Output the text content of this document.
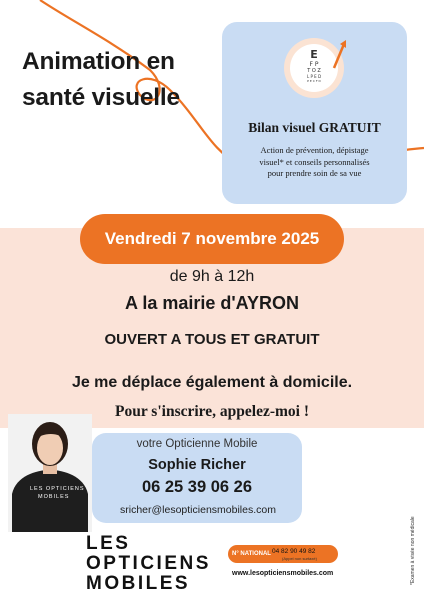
Animation en
santé visuelle
E
F P
T O Z
L P E D
P E C F D
Bilan visuel GRATUIT
Action de prévention, dépistage
visuel* et conseils personnalisés
pour prendre soin de sa vue
Vendredi 7 novembre 2025
de 9h à 12h
A la mairie d'AYRON
OUVERT A TOUS ET GRATUIT
Je me déplace également à domicile.
Pour s'inscrire, appelez-moi !
votre Opticienne Mobile
Sophie Richer
06 25 39 06 26
sricher@lesopticiensmobiles.com
LES OPTICIENS
MOBILES
LES
OPTICIENS
MOBILES
N° NATIONAL 04 82 90 49 82
(Appel non surtaxé)
www.lesopticiensmobiles.com	*Examen à visée non médicale
